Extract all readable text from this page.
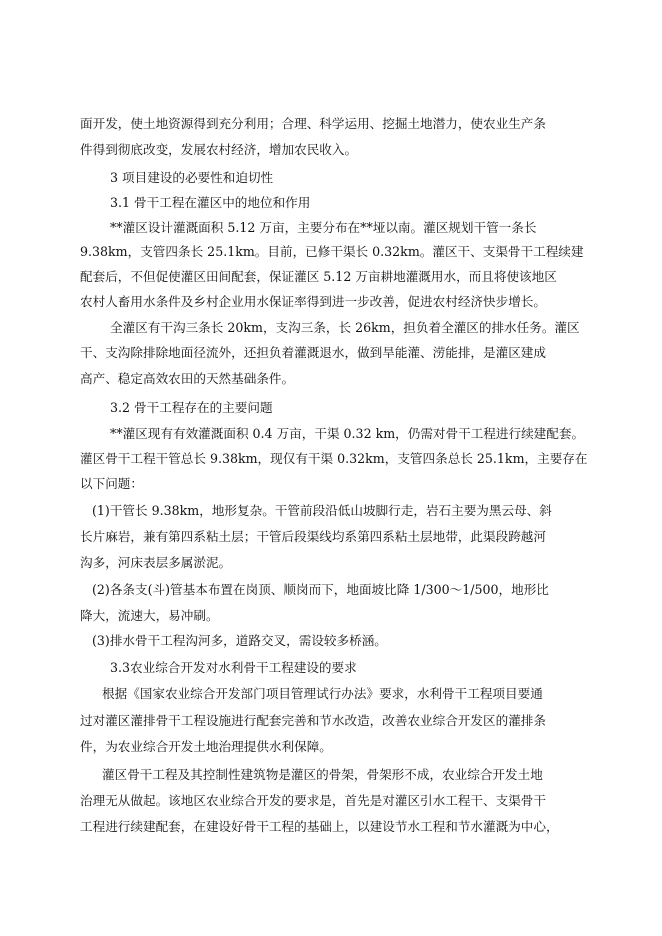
面开发，使土地资源得到充分利用；合理、科学运用、挖掘土地潜力，使农业生产条
件得到彻底改变，发展农村经济，增加农民收入。
3 项目建设的必要性和迫切性
3.1 骨干工程在灌区中的地位和作用
**灌区设计灌溉面积 5.12 万亩，主要分布在**垭以南。灌区规划干管一条长
9.38km，支管四条长 25.1km。目前，已修干渠长 0.32km。灌区干、支渠骨干工程续建
配套后，不但促使灌区田间配套，保证灌区 5.12 万亩耕地灌溉用水，而且将使该地区
农村人畜用水条件及乡村企业用水保证率得到进一步改善，促进农村经济快步增长。
全灌区有干沟三条长 20km，支沟三条，长 26km，担负着全灌区的排水任务。灌区
干、支沟除排除地面径流外，还担负着灌溉退水，做到旱能灌、涝能排，是灌区建成
高产、稳定高效农田的天然基础条件。
3.2 骨干工程存在的主要问题
**灌区现有有效灌溉面积 0.4 万亩，干渠 0.32 km，仍需对骨干工程进行续建配套。
灌区骨干工程干管总长 9.38km，现仅有干渠 0.32km，支管四条总长 25.1km，主要存在
以下问题：
(1)干管长 9.38km，地形复杂。干管前段沿低山坡脚行走，岩石主要为黑云母、斜
长片麻岩，兼有第四系粘土层；干管后段渠线均系第四系粘土层地带，此渠段跨越河
沟多，河床表层多属淤泥。
(2)各条支(斗)管基本布置在岗顶、顺岗而下，地面坡比降 1/300～1/500，地形比
降大，流速大，易冲刷。
(3)排水骨干工程沟河多，道路交叉，需设较多桥涵。
3.3农业综合开发对水利骨干工程建设的要求
根据《国家农业综合开发部门项目管理试行办法》要求，水利骨干工程项目要通
过对灌区灌排骨干工程设施进行配套完善和节水改造，改善农业综合开发区的灌排条
件，为农业综合开发土地治理提供水利保障。
灌区骨干工程及其控制性建筑物是灌区的骨架，骨架形不成，农业综合开发土地
治理无从做起。该地区农业综合开发的要求是，首先是对灌区引水工程干、支渠骨干
工程进行续建配套，在建设好骨干工程的基础上，以建设节水工程和节水灌溉为中心，
